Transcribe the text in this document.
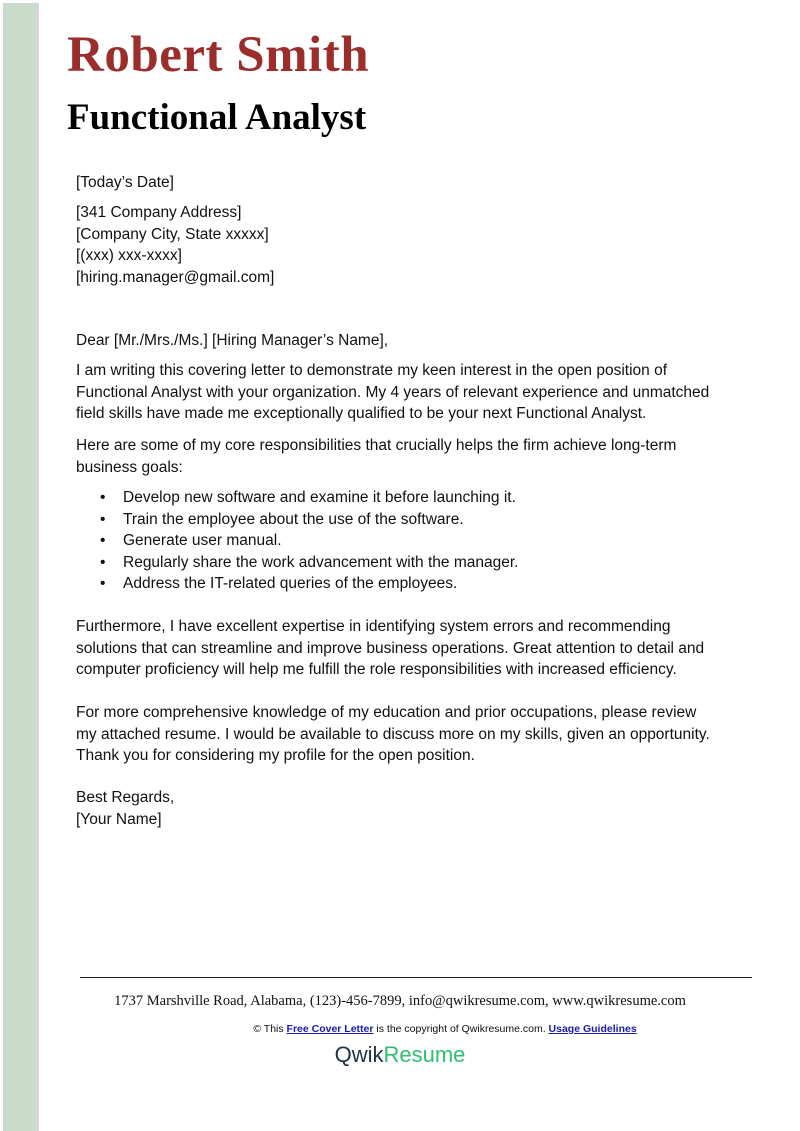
Robert Smith
Functional Analyst
[Today’s Date]
[341 Company Address]
[Company City, State xxxxx]
[(xxx) xxx-xxxx]
[hiring.manager@gmail.com]
Dear [Mr./Mrs./Ms.] [Hiring Manager’s Name],
I am writing this covering letter to demonstrate my keen interest in the open position of
Functional Analyst with your organization. My 4 years of relevant experience and unmatched
field skills have made me exceptionally qualified to be your next Functional Analyst.
Here are some of my core responsibilities that crucially helps the firm achieve long-term
business goals:
• Develop new software and examine it before launching it.
• Train the employee about the use of the software.
• Generate user manual.
• Regularly share the work advancement with the manager.
• Address the IT-related queries of the employees.
Furthermore, I have excellent expertise in identifying system errors and recommending
solutions that can streamline and improve business operations. Great attention to detail and
computer proficiency will help me fulfill the role responsibilities with increased efficiency.
For more comprehensive knowledge of my education and prior occupations, please review
my attached resume. I would be available to discuss more on my skills, given an opportunity.
Thank you for considering my profile for the open position.
Best Regards,
[Your Name]
1737 Marshville Road, Alabama, (123)-456-7899, info@qwikresume.com, www.qwikresume.com
© This Free Cover Letter is the copyright of Qwikresume.com. Usage Guidelines
QwikResume
